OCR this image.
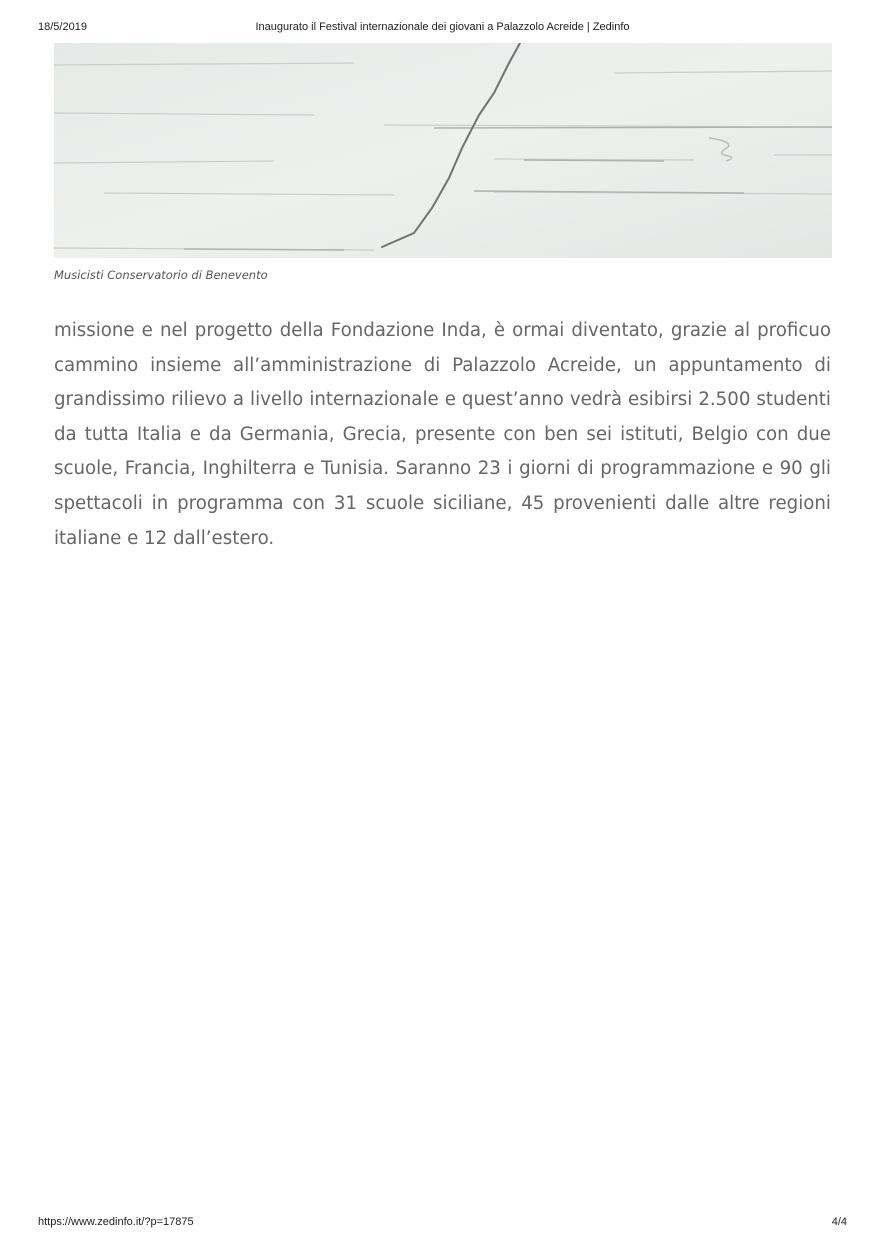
18/5/2019	Inaugurato il Festival internazionale dei giovani a Palazzolo Acreide | Zedinfo
Musicisti Conservatorio di Benevento

missione e nel progetto della Fondazione Inda, è ormai diventato, grazie al proficuo cammino insieme all’amministrazione di Palazzolo Acreide, un appuntamento di grandissimo rilievo a livello internazionale e quest’anno vedrà esibirsi 2.500 studenti da tutta Italia e da Germania, Grecia, presente con ben sei istituti, Belgio con due scuole, Francia, Inghilterra e Tunisia. Saranno 23 i giorni di programmazione e 90 gli spettacoli in programma con 31 scuole siciliane, 45 provenienti dalle altre regioni italiane e 12 dall’estero.

https://www.zedinfo.it/?p=17875	4/4
